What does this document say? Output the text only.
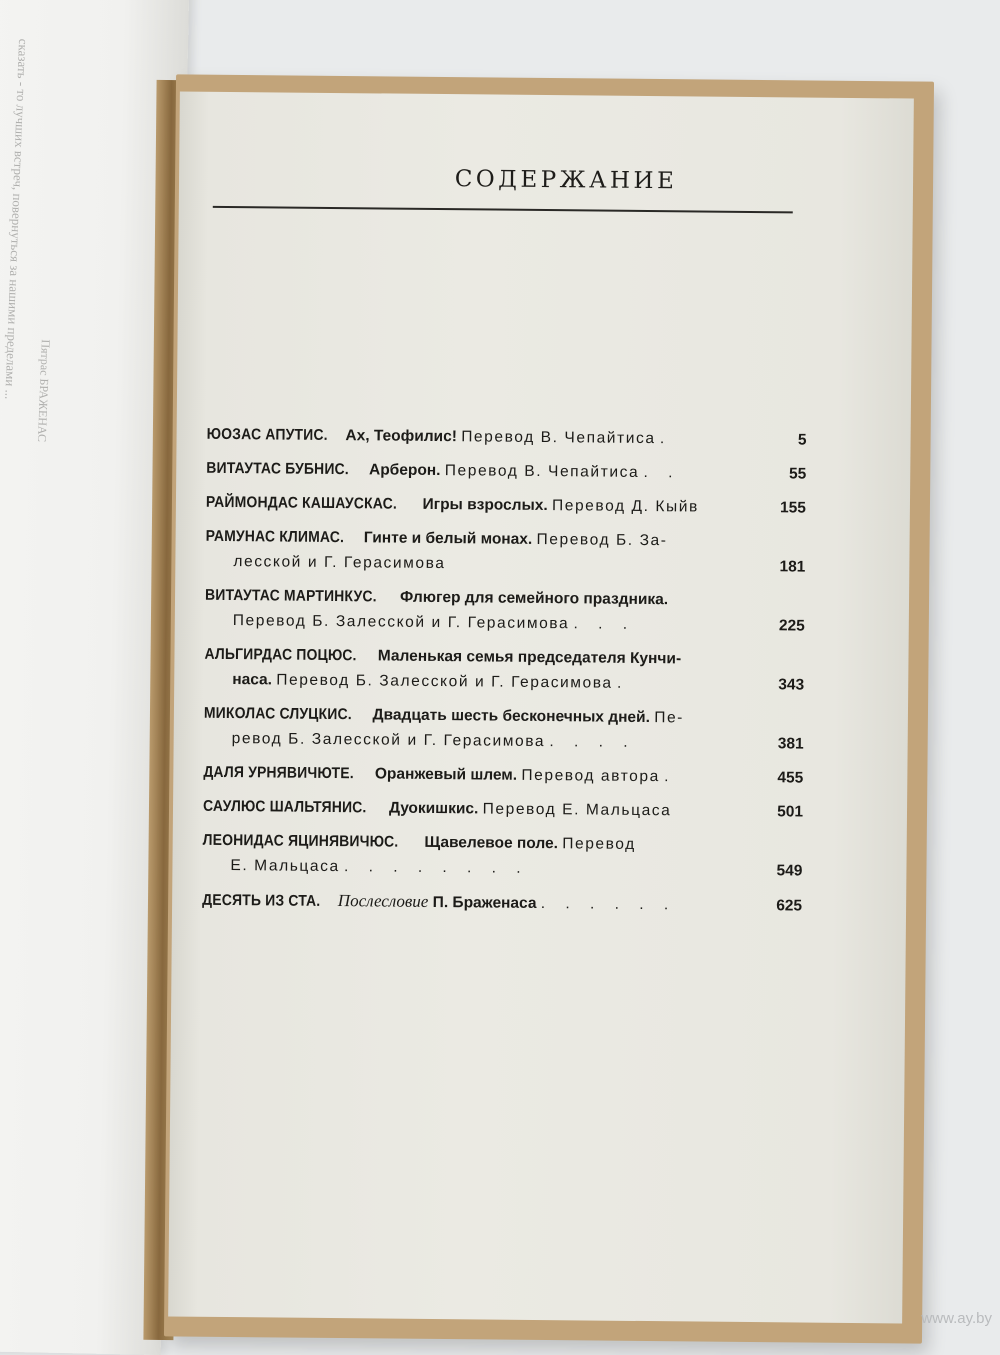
сказать - то лучших встреч, повернуться за нашими пределами ... Пятрас БРАЖЕНАС
СОДЕРЖАНИЕ
ЮОЗАС АПУТИС. Ах, Теофилис! Перевод В. Чепайтиса .	5
ВИТАУТАС БУБНИС. Арберон. Перевод В. Чепайтиса . .	55
РАЙМОНДАС КАШАУСКАС. Игры взрослых. Перевод Д. Кыйв	155
РАМУНАС КЛИМАС. Гинте и белый монах. Перевод Б. За-
лесской и Г. Герасимова	181
ВИТАУТАС МАРТИНКУС. Флюгер для семейного праздника.
Перевод Б. Залесской и Г. Герасимова . . .	225
АЛЬГИРДАС ПОЦЮС. Маленькая семья председателя Кунчи-
наса. Перевод Б. Залесской и Г. Герасимова .	343
МИКОЛАС СЛУЦКИС. Двадцать шесть бесконечных дней. Пе-
ревод Б. Залесской и Г. Герасимова . . . .	381
ДАЛЯ УРНЯВИЧЮТЕ. Оранжевый шлем. Перевод автора .	455
САУЛЮС ШАЛЬТЯНИС. Дуокишкис. Перевод Е. Мальцаса	501
ЛЕОНИДАС ЯЦИНЯВИЧЮС. Щавелевое поле. Перевод
Е. Мальцаса . . . . . . . .	549
ДЕСЯТЬ ИЗ СТА. Послесловие П. Браженаса . . . . . .	625

www.ay.by
